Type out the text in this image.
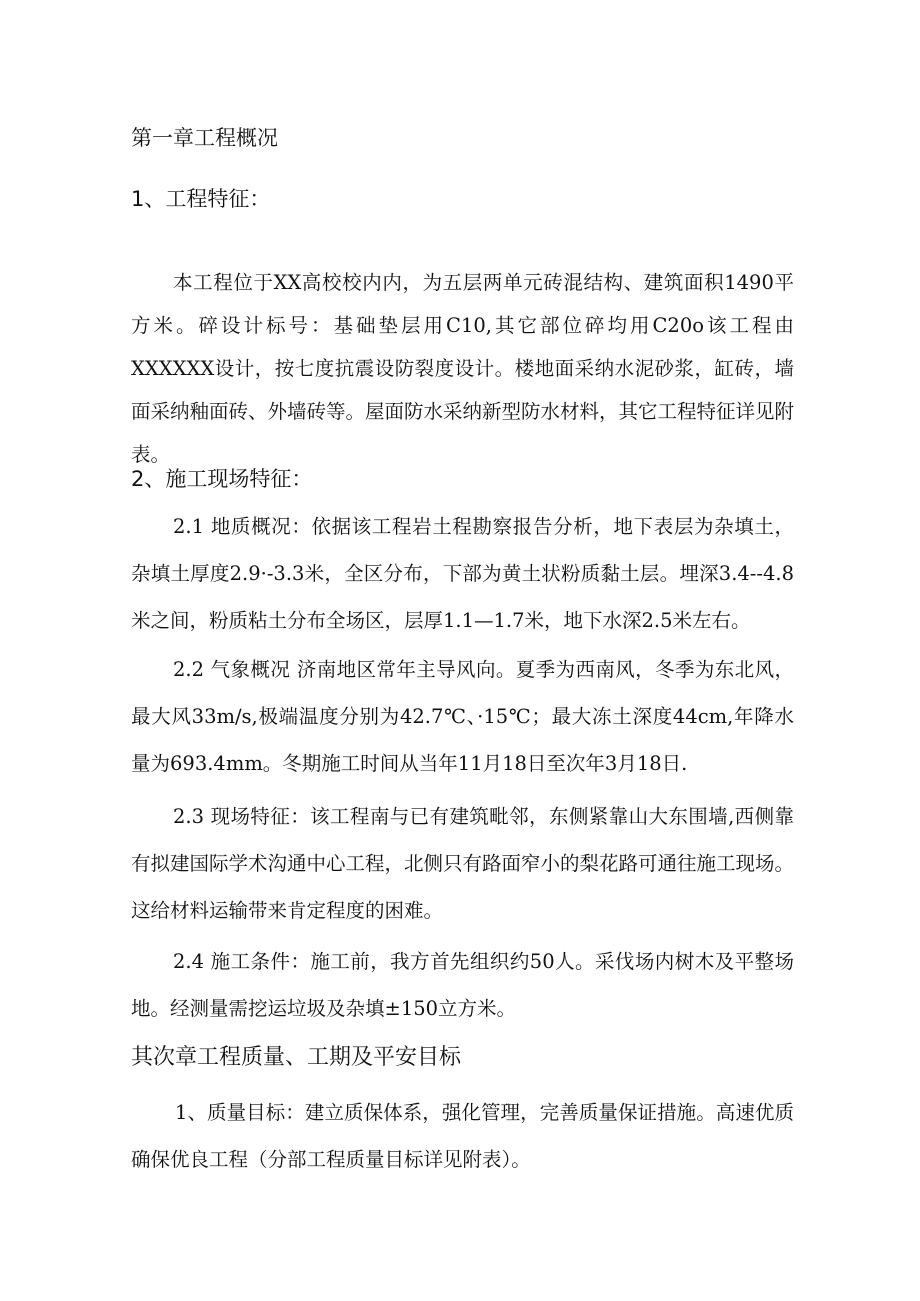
第一章工程概况
1、工程特征：

本工程位于XX高校校内内，为五层两单元砖混结构、建筑面积1490平方米。碎设计标号：基础垫层用C10,其它部位碎均用C20o该工程由XXXXXX设计，按七度抗震设防裂度设计。楼地面采纳水泥砂浆，缸砖，墙面采纳釉面砖、外墙砖等。屋面防水采纳新型防水材料，其它工程特征详见附表。

2、施工现场特征：

2.1 地质概况：依据该工程岩土程勘察报告分析，地下表层为杂填土，杂填土厚度2.9·-3.3米，全区分布，下部为黄土状粉质黏土层。埋深3.4--4.8米之间，粉质粘土分布全场区，层厚1.1—1.7米，地下水深2.5米左右。

2.2 气象概况 济南地区常年主导风向。夏季为西南风，冬季为东北风，最大风33m∕s,极端温度分别为42.7℃、·15℃；最大冻土深度44cm,年降水量为693.4mm。冬期施工时间从当年11月18日至次年3月18日.

2.3 现场特征：该工程南与已有建筑毗邻，东侧紧靠山大东围墙,西侧靠有拟建国际学术沟通中心工程，北侧只有路面窄小的梨花路可通往施工现场。这给材料运输带来肯定程度的困难。

2.4 施工条件：施工前，我方首先组织约50人。采伐场内树木及平整场地。经测量需挖运垃圾及杂填±150立方米。

其次章工程质量、工期及平安目标

1、质量目标：建立质保体系，强化管理，完善质量保证措施。高速优质确保优良工程（分部工程质量目标详见附表）。
